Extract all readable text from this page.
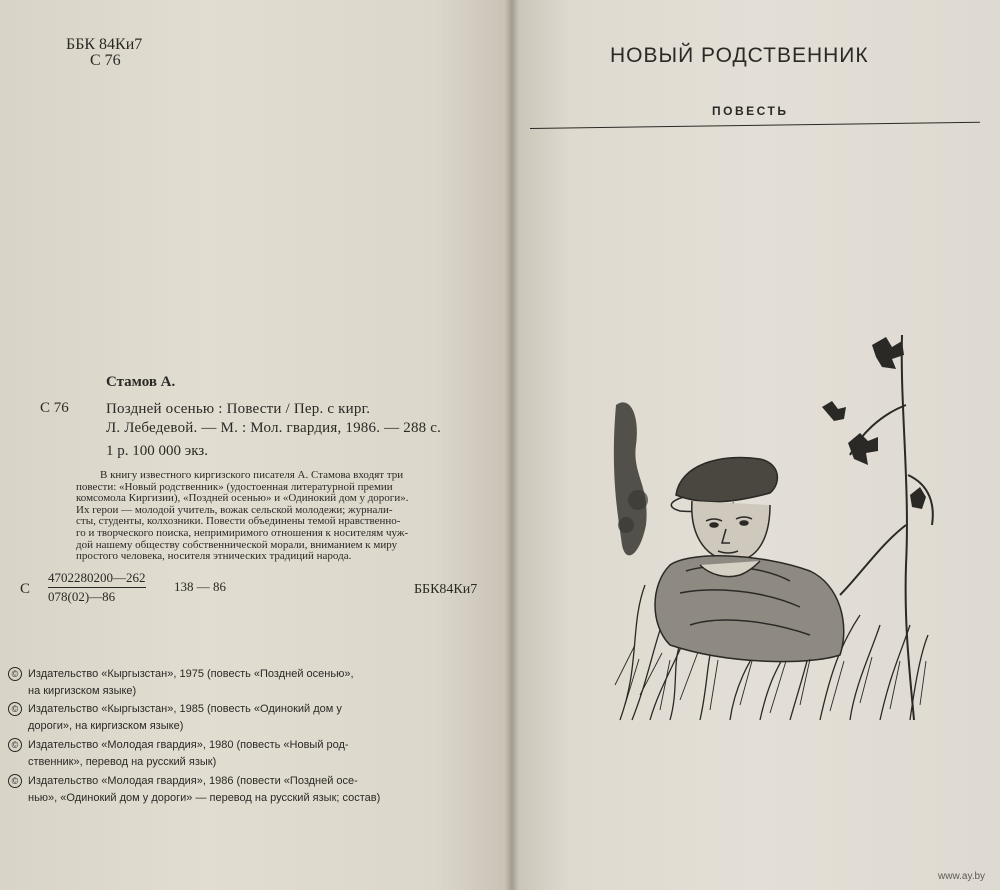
ББК 84Ки7
С 76
Стамов А.
С 76 Поздней осенью : Повести / Пер. с кирг.
Л. Лебедевой. — М. : Мол. гвардия, 1986. — 288 с.
1 р. 100 000 экз.
В книгу известного киргизского писателя А. Стамова входят три
повести: «Новый родственник» (удостоенная литературной премии
комсомола Киргизии), «Поздней осенью» и «Одинокий дом у дороги».
Их герои — молодой учитель, вожак сельской молодежи; журнали-
сты, студенты, колхозники. Повести объединены темой нравственно-
го и творческого поиска, непримиримого отношения к носителям чуж-
дой нашему обществу собственнической морали, вниманием к миру
простого человека, носителя этнических традиций народа.
С $\frac{4702280200—262}{078(02)—86} 138$ — 86	ББК84Ки7
© Издательство «Кыргызстан», 1975 (повесть «Поздней осенью»,
на киргизском языке)
© Издательство «Кыргызстан», 1985 (повесть «Одинокий дом у
дороги», на киргизском языке)
© Издательство «Молодая гвардия», 1980 (повесть «Новый род-
ственник», перевод на русский язык)
© Издательство «Молодая гвардия», 1986 (повести «Поздней осе-
нью», «Одинокий дом у дороги» — перевод на русский язык; состав)
НОВЫЙ РОДСТВЕННИК
ПОВЕСТЬ
www.ay.by
